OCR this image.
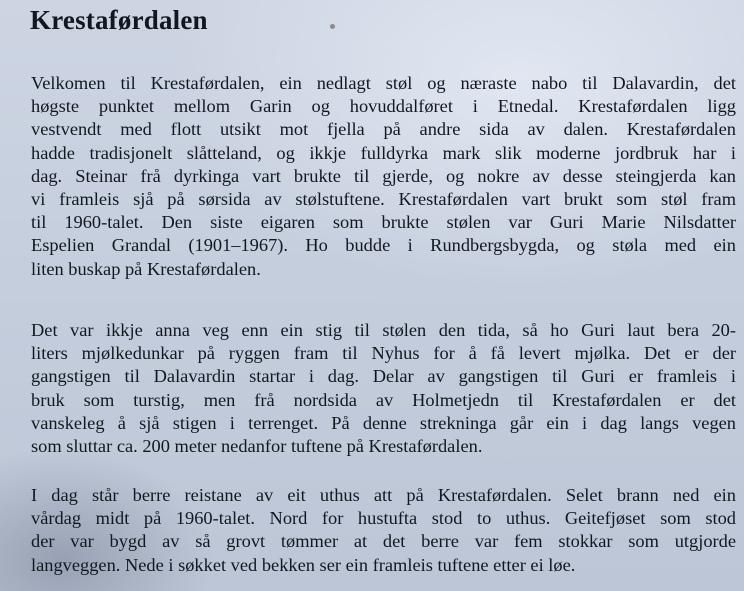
Krestaførdalen

Velkomen til Krestaførdalen, ein nedlagt støl og næraste nabo til Dalavardin, det
høgste punktet mellom Garin og hovuddalføret i Etnedal. Krestaførdalen ligg
vestvendt med flott utsikt mot fjella på andre sida av dalen. Krestaførdalen
hadde tradisjonelt slåtteland, og ikkje fulldyrka mark slik moderne jordbruk har i
dag. Steinar frå dyrkinga vart brukte til gjerde, og nokre av desse steingjerda kan
vi framleis sjå på sørsida av stølstuftene. Krestaførdalen vart brukt som støl fram
til 1960-talet. Den siste eigaren som brukte stølen var Guri Marie Nilsdatter
Espelien Grandal (1901–1967). Ho budde i Rundbergsbygda, og støla med ein
liten buskap på Krestaførdalen.

Det var ikkje anna veg enn ein stig til stølen den tida, så ho Guri laut bera 20-
liters mjølkedunkar på ryggen fram til Nyhus for å få levert mjølka. Det er der
gangstigen til Dalavardin startar i dag. Delar av gangstigen til Guri er framleis i
bruk som turstig, men frå nordsida av Holmetjedn til Krestaførdalen er det
vanskeleg å sjå stigen i terrenget. På denne strekninga går ein i dag langs vegen
som sluttar ca. 200 meter nedanfor tuftene på Krestaførdalen.

I dag står berre reistane av eit uthus att på Krestaførdalen. Selet brann ned ein
vårdag midt på 1960-talet. Nord for hustufta stod to uthus. Geitefjøset som stod
der var bygd av så grovt tømmer at det berre var fem stokkar som utgjorde
langveggen. Nede i søkket ved bekken ser ein framleis tuftene etter ei løe.
